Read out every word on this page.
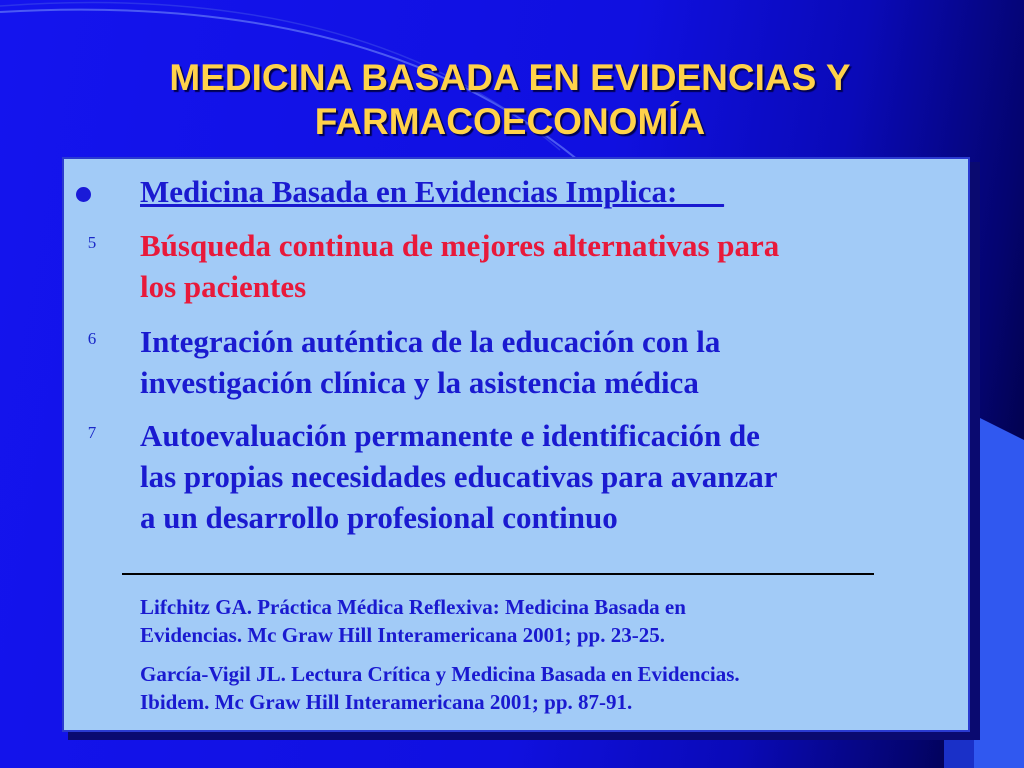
MEDICINA BASADA EN EVIDENCIAS Y
FARMACOECONOMÍA
Medicina Basada en Evidencias Implica:___
5	Búsqueda continua de mejores alternativas para
los pacientes
6	Integración auténtica de la educación con la
investigación clínica y la asistencia médica
7	Autoevaluación permanente e identificación de
las propias necesidades educativas para avanzar
a un desarrollo profesional continuo
Lifchitz GA. Práctica Médica Reflexiva: Medicina Basada en
Evidencias. Mc Graw Hill Interamericana 2001; pp. 23-25.
García-Vigil JL. Lectura Crítica y Medicina Basada en Evidencias.
Ibidem. Mc Graw Hill Interamericana 2001; pp. 87-91.
